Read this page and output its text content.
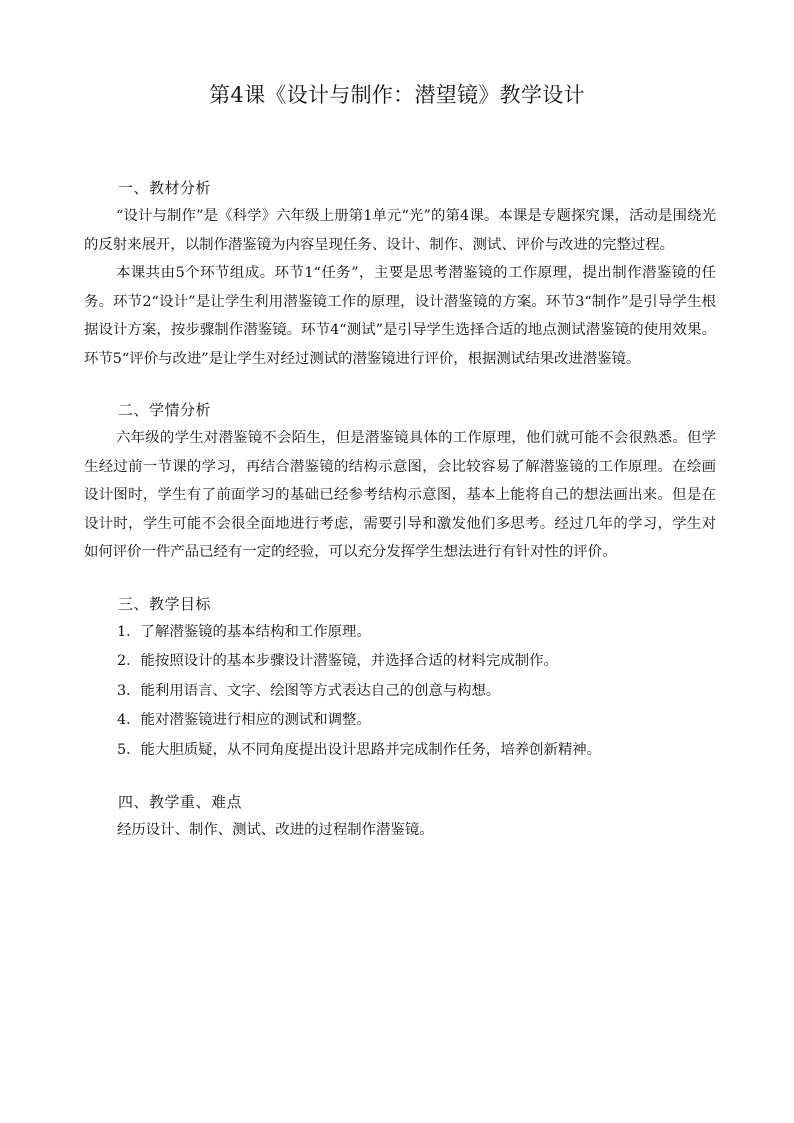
第4课《设计与制作：潜望镜》教学设计
一、教材分析

“设计与制作”是《科学》六年级上册第1单元“光”的第4课。本课是专题探究课，活动是围绕光的反射来展开，以制作潜鉴镜为内容呈现任务、设计、制作、测试、评价与改进的完整过程。

本课共由5个环节组成。环节1“任务”，主要是思考潜鉴镜的工作原理，提出制作潜鉴镜的任务。环节2“设计”是让学生利用潜鉴镜工作的原理，设计潜鉴镜的方案。环节3“制作”是引导学生根据设计方案，按步骤制作潜鉴镜。环节4“测试”是引导学生选择合适的地点测试潜鉴镜的使用效果。环节5“评价与改进”是让学生对经过测试的潜鉴镜进行评价，根据测试结果改进潜鉴镜。

二、学情分析

六年级的学生对潜鉴镜不会陌生，但是潜鉴镜具体的工作原理，他们就可能不会很熟悉。但学生经过前一节课的学习，再结合潜鉴镜的结构示意图，会比较容易了解潜鉴镜的工作原理。在绘画设计图时，学生有了前面学习的基础已经参考结构示意图，基本上能将自己的想法画出来。但是在设计时，学生可能不会很全面地进行考虑，需要引导和激发他们多思考。经过几年的学习，学生对如何评价一件产品已经有一定的经验，可以充分发挥学生想法进行有针对性的评价。

三、教学目标
1．了解潜鉴镜的基本结构和工作原理。
2．能按照设计的基本步骤设计潜鉴镜，并选择合适的材料完成制作。
3．能利用语言、文字、绘图等方式表达自己的创意与构想。
4．能对潜鉴镜进行相应的测试和调整。
5．能大胆质疑，从不同角度提出设计思路并完成制作任务，培养创新精神。
四、教学重、难点

经历设计、制作、测试、改进的过程制作潜鉴镜。
